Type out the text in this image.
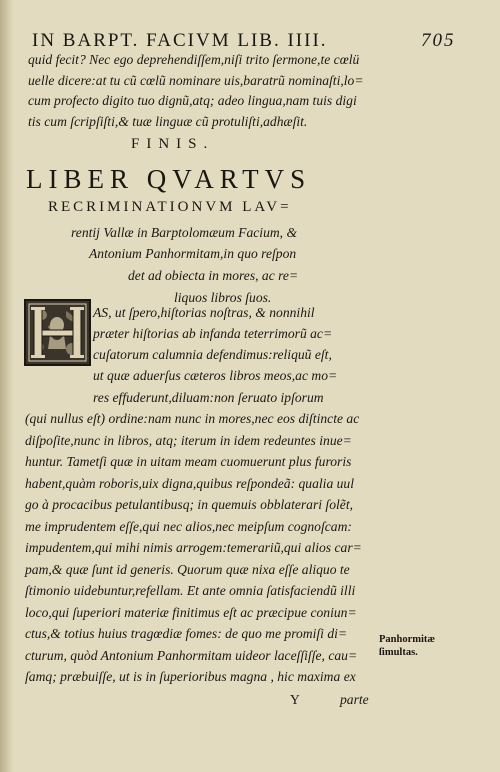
IN BARPT. FACIVM LIB. IIII.	705
quid fecit? Nec ego deprehendiſſem,niſi trito ſermone,te cœlü
uelle dicere:at tu cũ cœlũ nominare uis,baratrũ nominaſti,lo=
cum profecto digito tuo dignũ,atq; adeo lingua,nam tuis digi
tis cum ſcripſiſti,& tuæ linguæ cũ protuliſti,adhæſit.
FINIS.
LIBER QVARTVS
RECRIMINATIONVM LAV=
rentij Vallæ in Barptolomæum Facium, &
Antonium Panhormitam,in quo reſpon
det ad obiecta in mores, ac re=
liquos libros ſuos.
AS, ut ſpero,hiſtorias noſtras, & nonnihil
præter hiſtorias ab infanda teterrimorũ ac=
cuſatorum calumnia defendimus:reliquũ eſt,
ut quæ aduerſus cæteros libros meos,ac mo=
res effuderunt,diluam:non ſeruato ipſorum
(qui nullus eſt) ordine:nam nunc in mores,nec eos diſtincte ac
diſpoſite,nunc in libros, atq; iterum in idem redeuntes inue=
huntur. Tametſi quæ in uitam meam cuomuerunt plus furoris
habent,quàm roboris,uix digna,quibus reſpondeã: qualia uul
go à procacibus petulantibusq; in quemuis obblaterari ſolẽt,
me imprudentem eſſe,qui nec alios,nec meipſum cognoſcam:
impudentem,qui mihi nimis arrogem:temerariũ,qui alios car=
pam,& quæ ſunt id generis. Quorum quæ nixa eſſe aliquo te
ſtimonio uidebuntur,refellam. Et ante omnia ſatisfaciendũ illi
loco,qui ſuperiori materiæ finitimus eſt ac præcipue coniun=
ctus,& totius huius tragœdiæ fomes: de quo me promiſi di=
cturum, quòd Antonium Panhormitam uideor laceſſiſſe, cau=
ſamq; præbuiſſe, ut is in ſuperioribus magna , hic maxima ex
Panhormitæ
ſimultas.
Y	parte
